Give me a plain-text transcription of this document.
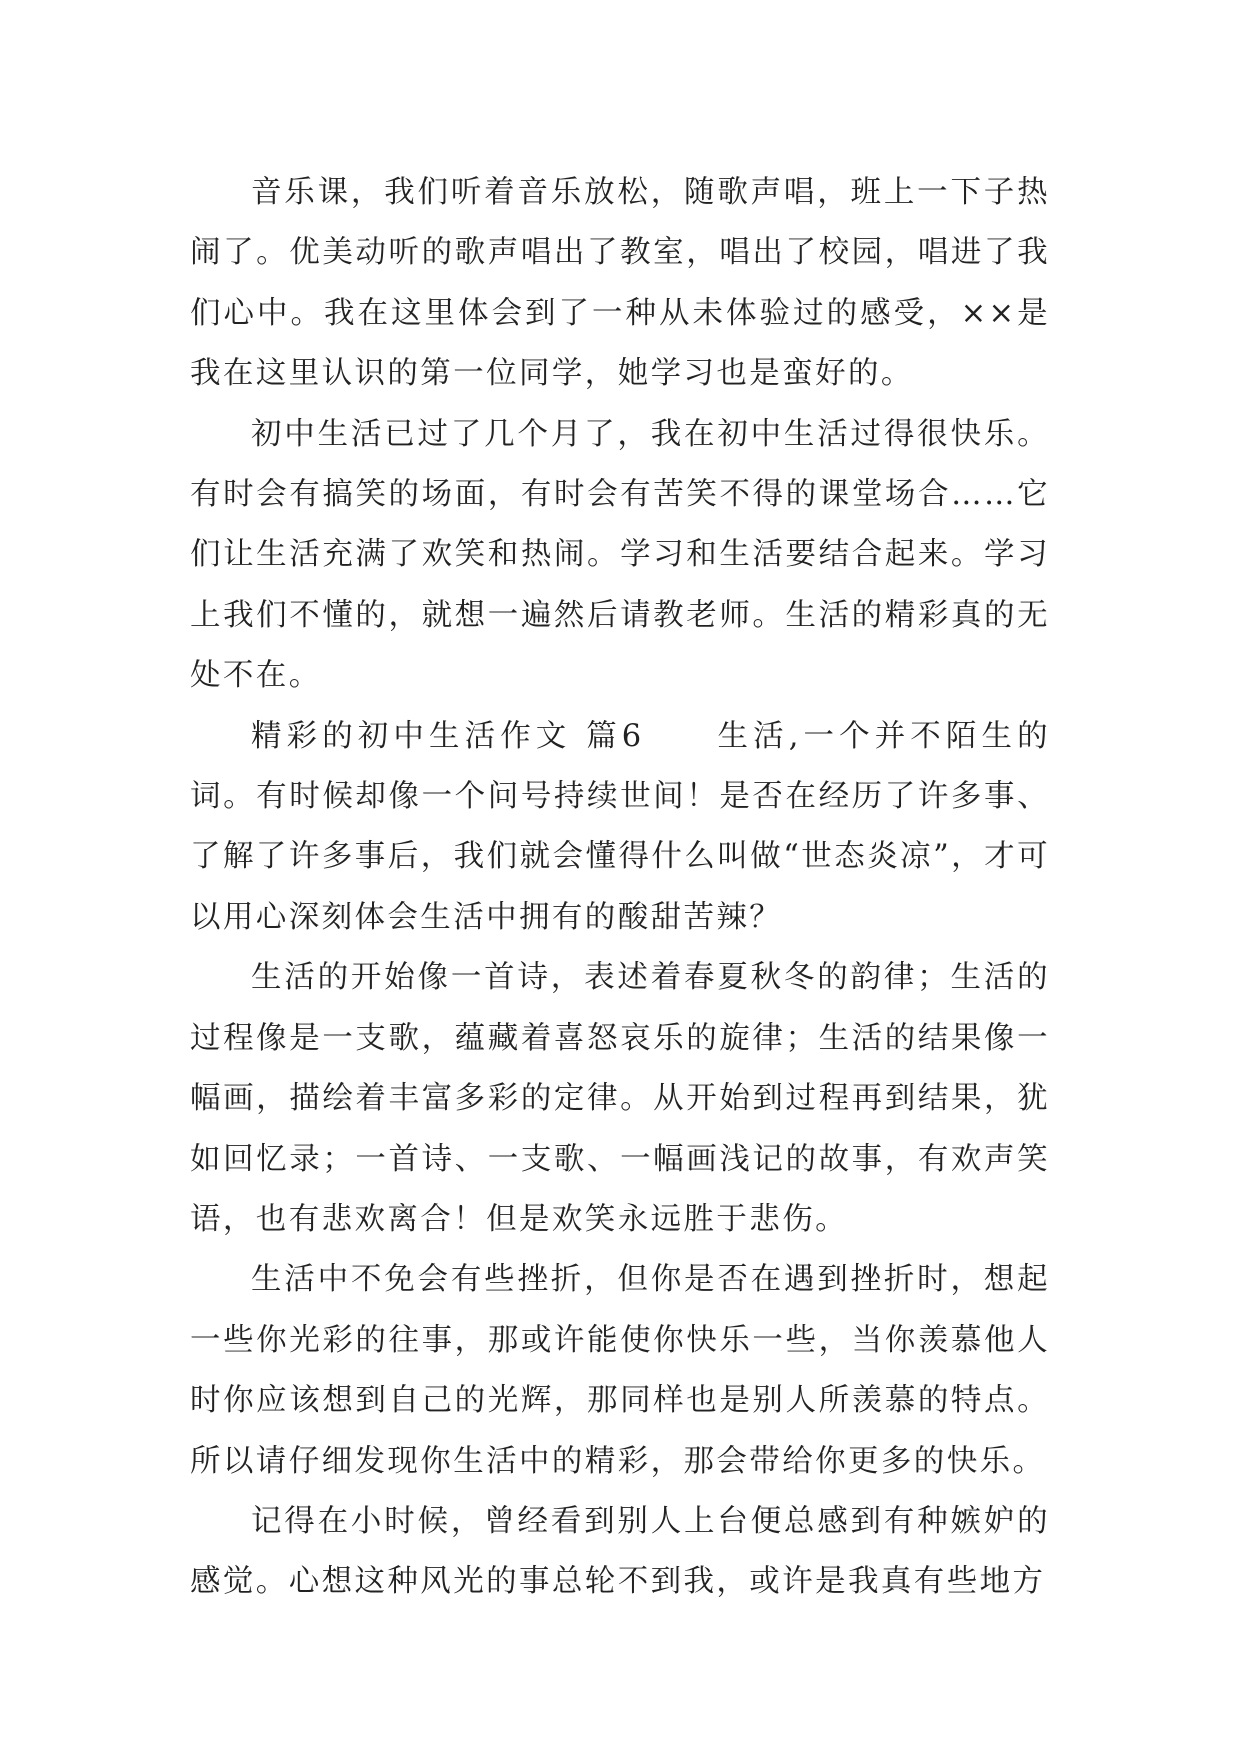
音乐课，我们听着音乐放松，随歌声唱，班上一下子热闹了。优美动听的歌声唱出了教室，唱出了校园，唱进了我们心中。我在这里体会到了一种从未体验过的感受，××是我在这里认识的第一位同学，她学习也是蛮好的。

初中生活已过了几个月了，我在初中生活过得很快乐。有时会有搞笑的场面，有时会有苦笑不得的课堂场合……它们让生活充满了欢笑和热闹。学习和生活要结合起来。学习上我们不懂的，就想一遍然后请教老师。生活的精彩真的无处不在。

精彩的初中生活作文 篇6　　生活,一个并不陌生的词。有时候却像一个问号持续世间！是否在经历了许多事、了解了许多事后，我们就会懂得什么叫做“世态炎凉”，才可以用心深刻体会生活中拥有的酸甜苦辣？

生活的开始像一首诗，表述着春夏秋冬的韵律；生活的过程像是一支歌，蕴藏着喜怒哀乐的旋律；生活的结果像一幅画，描绘着丰富多彩的定律。从开始到过程再到结果，犹如回忆录；一首诗、一支歌、一幅画浅记的故事，有欢声笑语，也有悲欢离合！但是欢笑永远胜于悲伤。

生活中不免会有些挫折，但你是否在遇到挫折时，想起一些你光彩的往事，那或许能使你快乐一些，当你羡慕他人时你应该想到自己的光辉，那同样也是别人所羡慕的特点。所以请仔细发现你生活中的精彩，那会带给你更多的快乐。

记得在小时候，曾经看到别人上台便总感到有种嫉妒的感觉。心想这种风光的事总轮不到我，或许是我真有些地方
